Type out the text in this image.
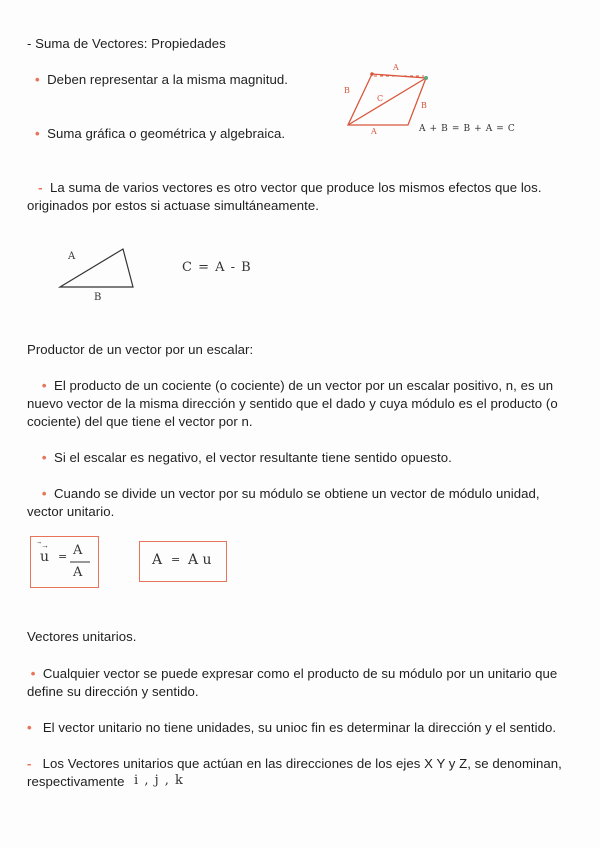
- Suma de Vectores: Propiedades
• Deben representar a la misma magnitud.
• Suma gráfica o geométrica y algebraica.
A
B
C
B
A	A + B = B + A = C
- La suma de varios vectores es otro vector que produce los mismos efectos que los.
originados por estos si actuase simultáneamente.
A
B
C = A - B
Productor de un vector por un escalar:
• El producto de un cociente (o cociente) de un vector por un escalar positivo, n, es un
nuevo vector de la misma dirección y sentido que el dado y cuya módulo es el producto (o
cociente) del que tiene el vector por n.
• Si el escalar es negativo, el vector resultante tiene sentido opuesto.
• Cuando se divide un vector por su módulo se obtiene un vector de módulo unidad,
vector unitario.
u
⃗→
= A
A
A = A u
Vectores unitarios.
• Cualquier vector se puede expresar como el producto de su módulo por un unitario que
define su dirección y sentido.
• El vector unitario no tiene unidades, su unioc fin es determinar la dirección y el sentido.
- Los Vectores unitarios que actúan en las direcciones de los ejes X Y y Z, se denominan,
respectivamente i , j , k
